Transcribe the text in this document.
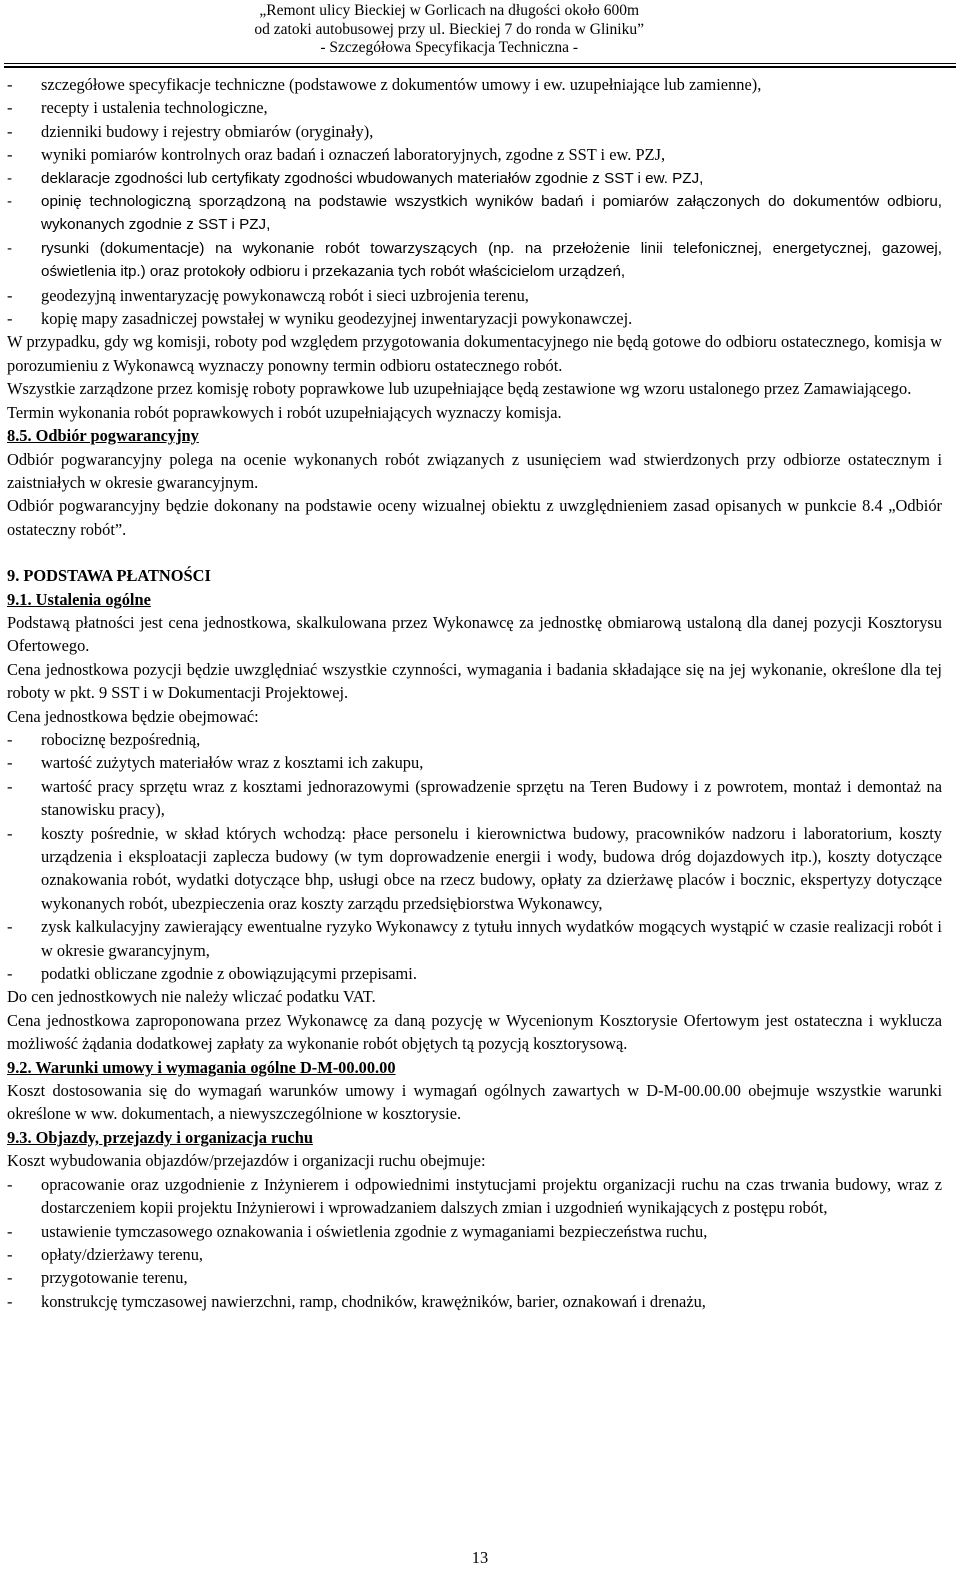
„Remont ulicy Bieckiej w Gorlicach na długości około 600m
od zatoki autobusowej przy ul. Bieckiej 7 do ronda w Gliniku”
- Szczegółowa Specyfikacja Techniczna -
- szczegółowe specyfikacje techniczne (podstawowe z dokumentów umowy i ew. uzupełniające lub zamienne),
- recepty i ustalenia technologiczne,
- dzienniki budowy i rejestry obmiarów (oryginały),
- wyniki pomiarów kontrolnych oraz badań i oznaczeń laboratoryjnych, zgodne z SST i ew. PZJ,
- deklaracje zgodności lub certyfikaty zgodności wbudowanych materiałów zgodnie z SST i ew. PZJ,
- opinię technologiczną sporządzoną na podstawie wszystkich wyników badań i pomiarów załączonych do dokumentów odbioru, wykonanych zgodnie z SST i PZJ,
- rysunki (dokumentacje) na wykonanie robót towarzyszących (np. na przełożenie linii telefonicznej, energetycznej, gazowej, oświetlenia itp.) oraz protokoły odbioru i przekazania tych robót właścicielom urządzeń,
- geodezyjną inwentaryzację powykonawczą robót i sieci uzbrojenia terenu,
- kopię mapy zasadniczej powstałej w wyniku geodezyjnej inwentaryzacji powykonawczej.

W przypadku, gdy wg komisji, roboty pod względem przygotowania dokumentacyjnego nie będą gotowe do odbioru ostatecznego, komisja w porozumieniu z Wykonawcą wyznaczy ponowny termin odbioru ostatecznego robót.

Wszystkie zarządzone przez komisję roboty poprawkowe lub uzupełniające będą zestawione wg wzoru ustalonego przez Zamawiającego.

Termin wykonania robót poprawkowych i robót uzupełniających wyznaczy komisja.

8.5. Odbiór pogwarancyjny

Odbiór pogwarancyjny polega na ocenie wykonanych robót związanych z usunięciem wad stwierdzonych przy odbiorze ostatecznym i zaistniałych w okresie gwarancyjnym.

Odbiór pogwarancyjny będzie dokonany na podstawie oceny wizualnej obiektu z uwzględnieniem zasad opisanych w punkcie 8.4 „Odbiór ostateczny robót”.

9. PODSTAWA PŁATNOŚCI

9.1. Ustalenia ogólne

Podstawą płatności jest cena jednostkowa, skalkulowana przez Wykonawcę za jednostkę obmiarową ustaloną dla danej pozycji Kosztorysu Ofertowego.

Cena jednostkowa pozycji będzie uwzględniać wszystkie czynności, wymagania i badania składające się na jej wykonanie, określone dla tej roboty w pkt. 9 SST i w Dokumentacji Projektowej.

Cena jednostkowa będzie obejmować:

- robociznę bezpośrednią,
- wartość zużytych materiałów wraz z kosztami ich zakupu,
- wartość pracy sprzętu wraz z kosztami jednorazowymi (sprowadzenie sprzętu na Teren Budowy i z powrotem, montaż i demontaż na stanowisku pracy),
- koszty pośrednie, w skład których wchodzą: płace personelu i kierownictwa budowy, pracowników nadzoru i laboratorium, koszty urządzenia i eksploatacji zaplecza budowy (w tym doprowadzenie energii i wody, budowa dróg dojazdowych itp.), koszty dotyczące oznakowania robót, wydatki dotyczące bhp, usługi obce na rzecz budowy, opłaty za dzierżawę placów i bocznic, ekspertyzy dotyczące wykonanych robót, ubezpieczenia oraz koszty zarządu przedsiębiorstwa Wykonawcy,
- zysk kalkulacyjny zawierający ewentualne ryzyko Wykonawcy z tytułu innych wydatków mogących wystąpić w czasie realizacji robót i w okresie gwarancyjnym,
- podatki obliczane zgodnie z obowiązującymi przepisami.

Do cen jednostkowych nie należy wliczać podatku VAT.

Cena jednostkowa zaproponowana przez Wykonawcę za daną pozycję w Wycenionym Kosztorysie Ofertowym jest ostateczna i wyklucza możliwość żądania dodatkowej zapłaty za wykonanie robót objętych tą pozycją kosztorysową.

9.2. Warunki umowy i wymagania ogólne D-M-00.00.00

Koszt dostosowania się do wymagań warunków umowy i wymagań ogólnych zawartych w D-M-00.00.00 obejmuje wszystkie warunki określone w ww. dokumentach, a niewyszczególnione w kosztorysie.

9.3. Objazdy, przejazdy i organizacja ruchu

Koszt wybudowania objazdów/przejazdów i organizacji ruchu obejmuje:

- opracowanie oraz uzgodnienie z Inżynierem i odpowiednimi instytucjami projektu organizacji ruchu na czas trwania budowy, wraz z dostarczeniem kopii projektu Inżynierowi i wprowadzaniem dalszych zmian i uzgodnień wynikających z postępu robót,
- ustawienie tymczasowego oznakowania i oświetlenia zgodnie z wymaganiami bezpieczeństwa ruchu,
- opłaty/dzierżawy terenu,
- przygotowanie terenu,
- konstrukcję tymczasowej nawierzchni, ramp, chodników, krawężników, barier, oznakowań i drenażu,
13
